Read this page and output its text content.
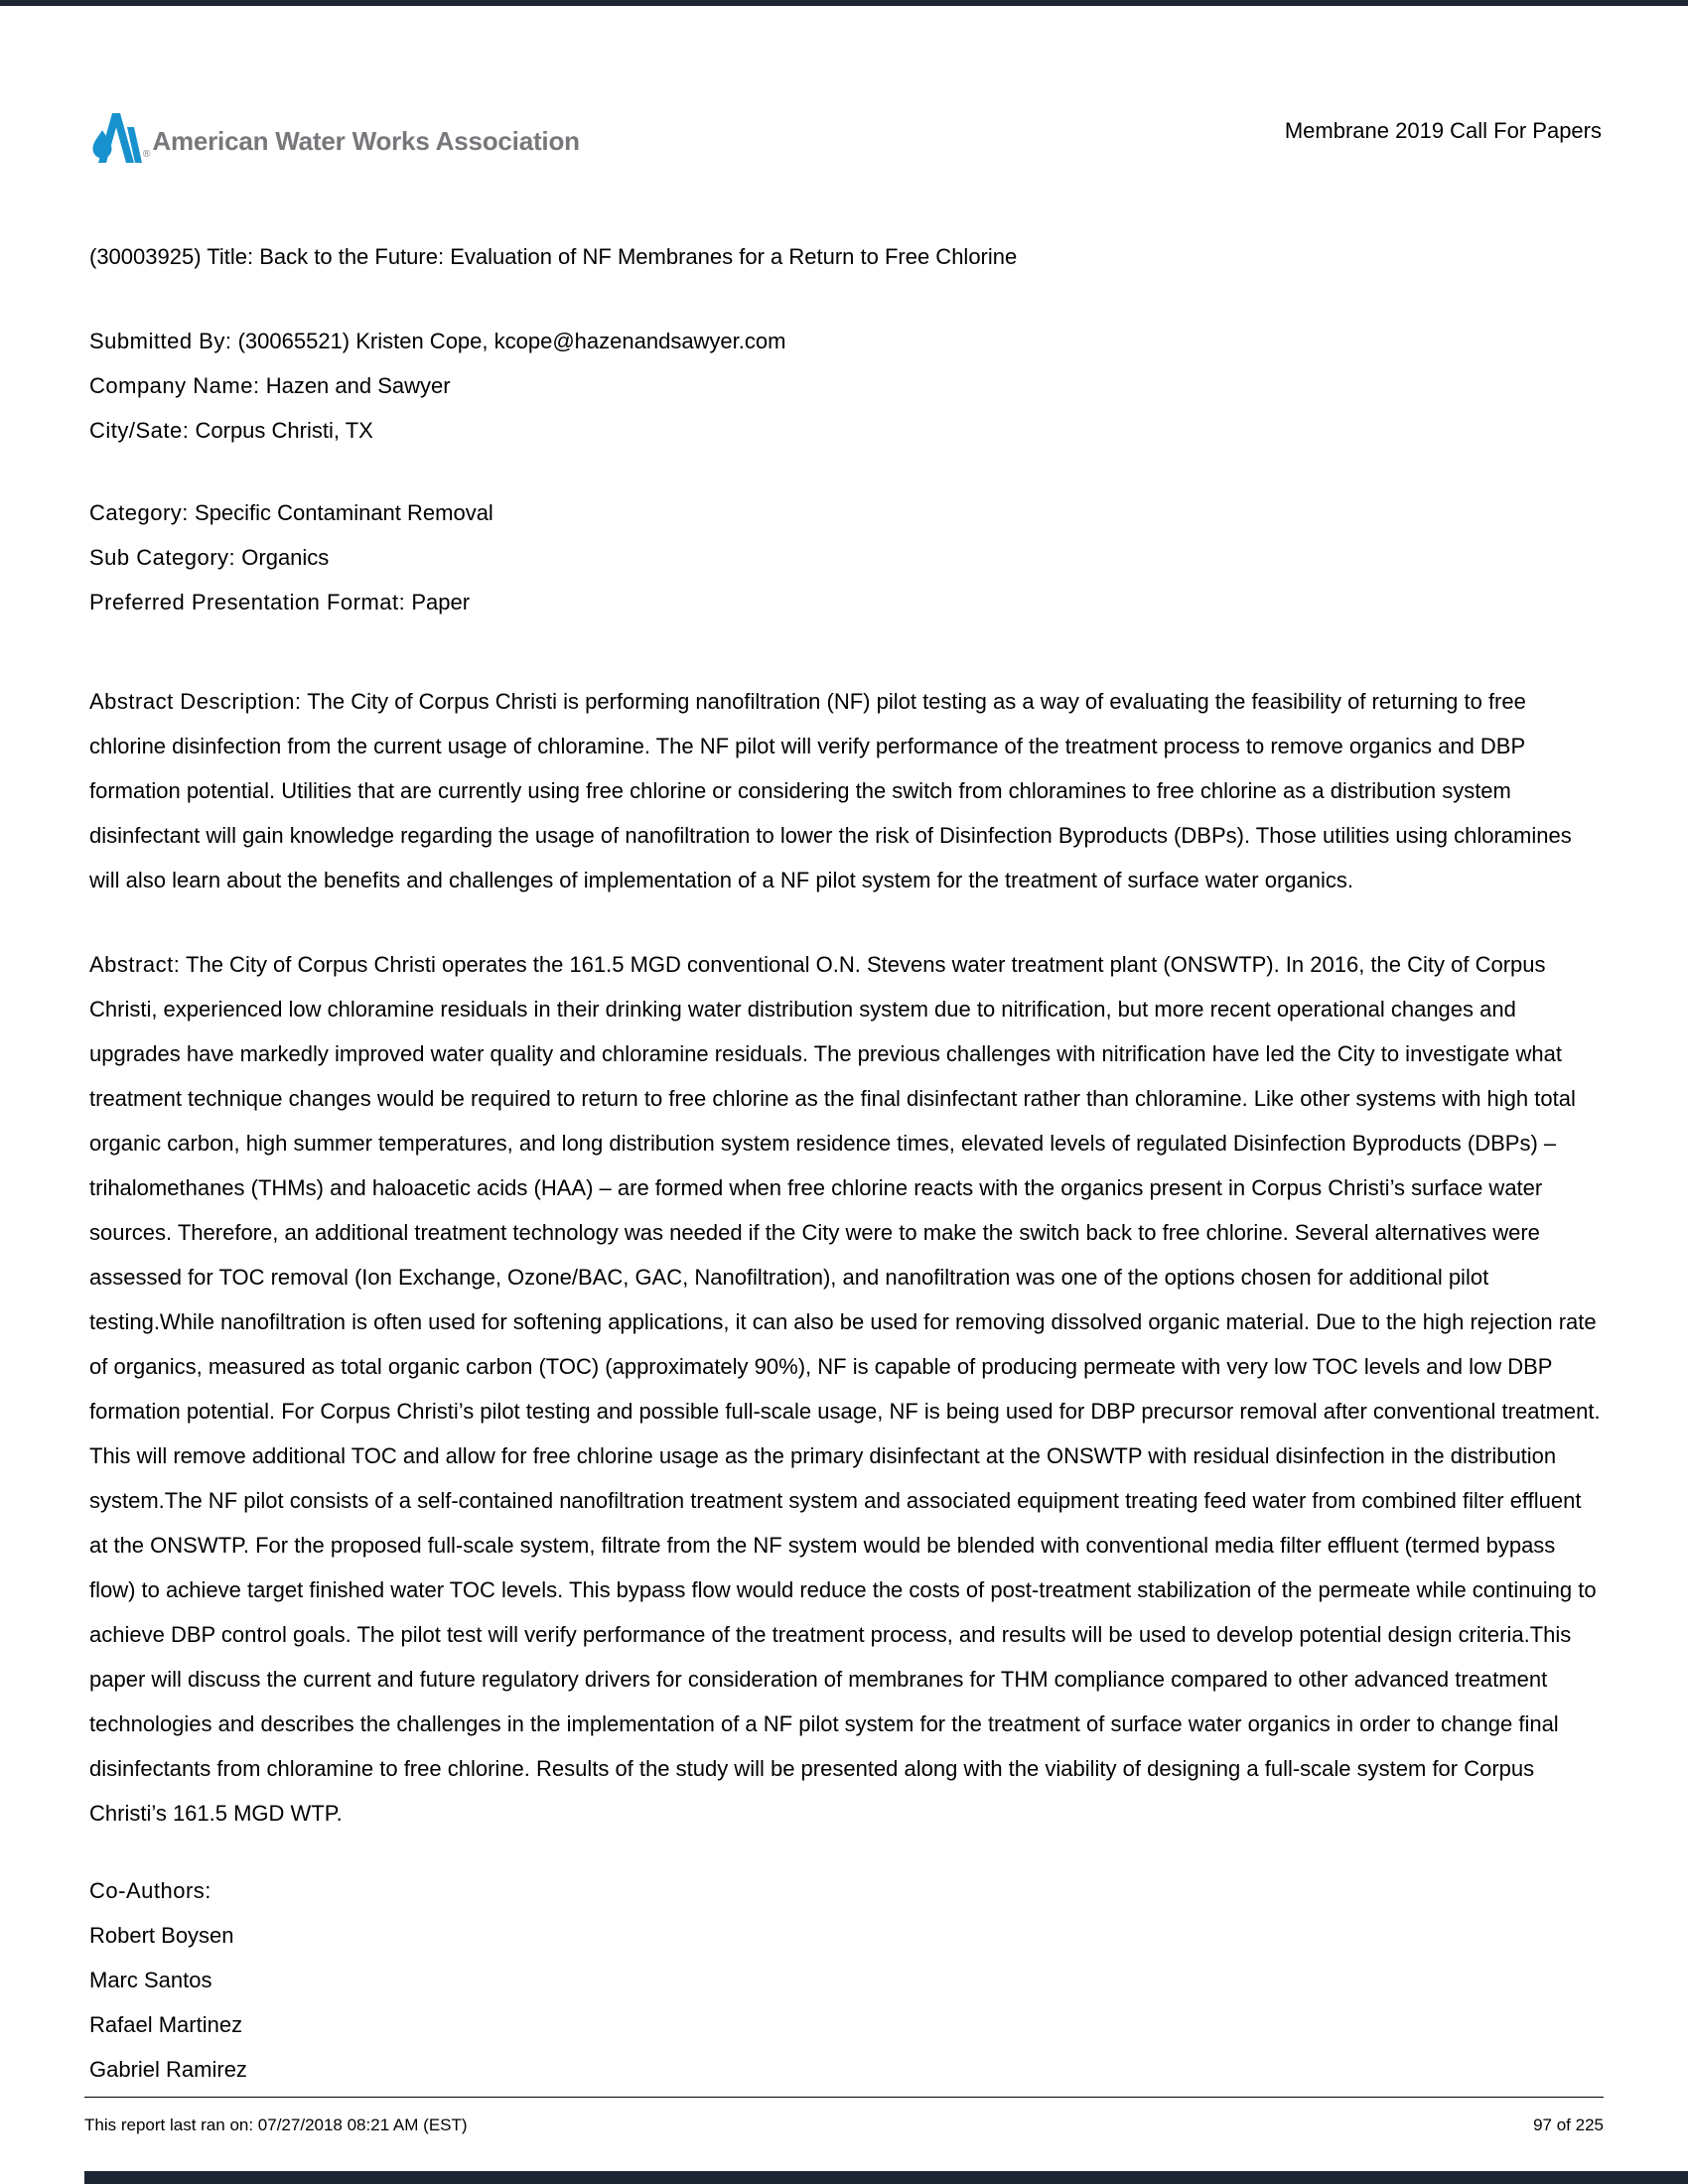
® American Water Works Association	Membrane 2019 Call For Papers

(30003925) Title: Back to the Future: Evaluation of NF Membranes for a Return to Free Chlorine

Submitted By: (30065521) Kristen Cope, kcope@hazenandsawyer.com

Company Name: Hazen and Sawyer

City/Sate: Corpus Christi, TX

Category: Specific Contaminant Removal

Sub Category: Organics

Preferred Presentation Format: Paper

Abstract Description: The City of Corpus Christi is performing nanofiltration (NF) pilot testing as a way of evaluating the feasibility of returning to free chlorine disinfection from the current usage of chloramine. The NF pilot will verify performance of the treatment process to remove organics and DBP formation potential. Utilities that are currently using free chlorine or considering the switch from chloramines to free chlorine as a distribution system disinfectant will gain knowledge regarding the usage of nanofiltration to lower the risk of Disinfection Byproducts (DBPs). Those utilities using chloramines will also learn about the benefits and challenges of implementation of a NF pilot system for the treatment of surface water organics.

Abstract: The City of Corpus Christi operates the 161.5 MGD conventional O.N. Stevens water treatment plant (ONSWTP). In 2016, the City of Corpus Christi, experienced low chloramine residuals in their drinking water distribution system due to nitrification, but more recent operational changes and upgrades have markedly improved water quality and chloramine residuals. The previous challenges with nitrification have led the City to investigate what treatment technique changes would be required to return to free chlorine as the final disinfectant rather than chloramine. Like other systems with high total organic carbon, high summer temperatures, and long distribution system residence times, elevated levels of regulated Disinfection Byproducts (DBPs) – trihalomethanes (THMs) and haloacetic acids (HAA) – are formed when free chlorine reacts with the organics present in Corpus Christi’s surface water sources. Therefore, an additional treatment technology was needed if the City were to make the switch back to free chlorine. Several alternatives were assessed for TOC removal (Ion Exchange, Ozone/BAC, GAC, Nanofiltration), and nanofiltration was one of the options chosen for additional pilot testing.While nanofiltration is often used for softening applications, it can also be used for removing dissolved organic material. Due to the high rejection rate of organics, measured as total organic carbon (TOC) (approximately 90%), NF is capable of producing permeate with very low TOC levels and low DBP formation potential. For Corpus Christi’s pilot testing and possible full-scale usage, NF is being used for DBP precursor removal after conventional treatment. This will remove additional TOC and allow for free chlorine usage as the primary disinfectant at the ONSWTP with residual disinfection in the distribution system.The NF pilot consists of a self-contained nanofiltration treatment system and associated equipment treating feed water from combined filter effluent at the ONSWTP. For the proposed full-scale system, filtrate from the NF system would be blended with conventional media filter effluent (termed bypass flow) to achieve target finished water TOC levels. This bypass flow would reduce the costs of post-treatment stabilization of the permeate while continuing to achieve DBP control goals. The pilot test will verify performance of the treatment process, and results will be used to develop potential design criteria.This paper will discuss the current and future regulatory drivers for consideration of membranes for THM compliance compared to other advanced treatment technologies and describes the challenges in the implementation of a NF pilot system for the treatment of surface water organics in order to change final disinfectants from chloramine to free chlorine. Results of the study will be presented along with the viability of designing a full-scale system for Corpus Christi’s 161.5 MGD WTP.

Co-Authors:

Robert Boysen

Marc Santos

Rafael Martinez

Gabriel Ramirez

This report last ran on: 07/27/2018 08:21 AM (EST)	97 of 225
